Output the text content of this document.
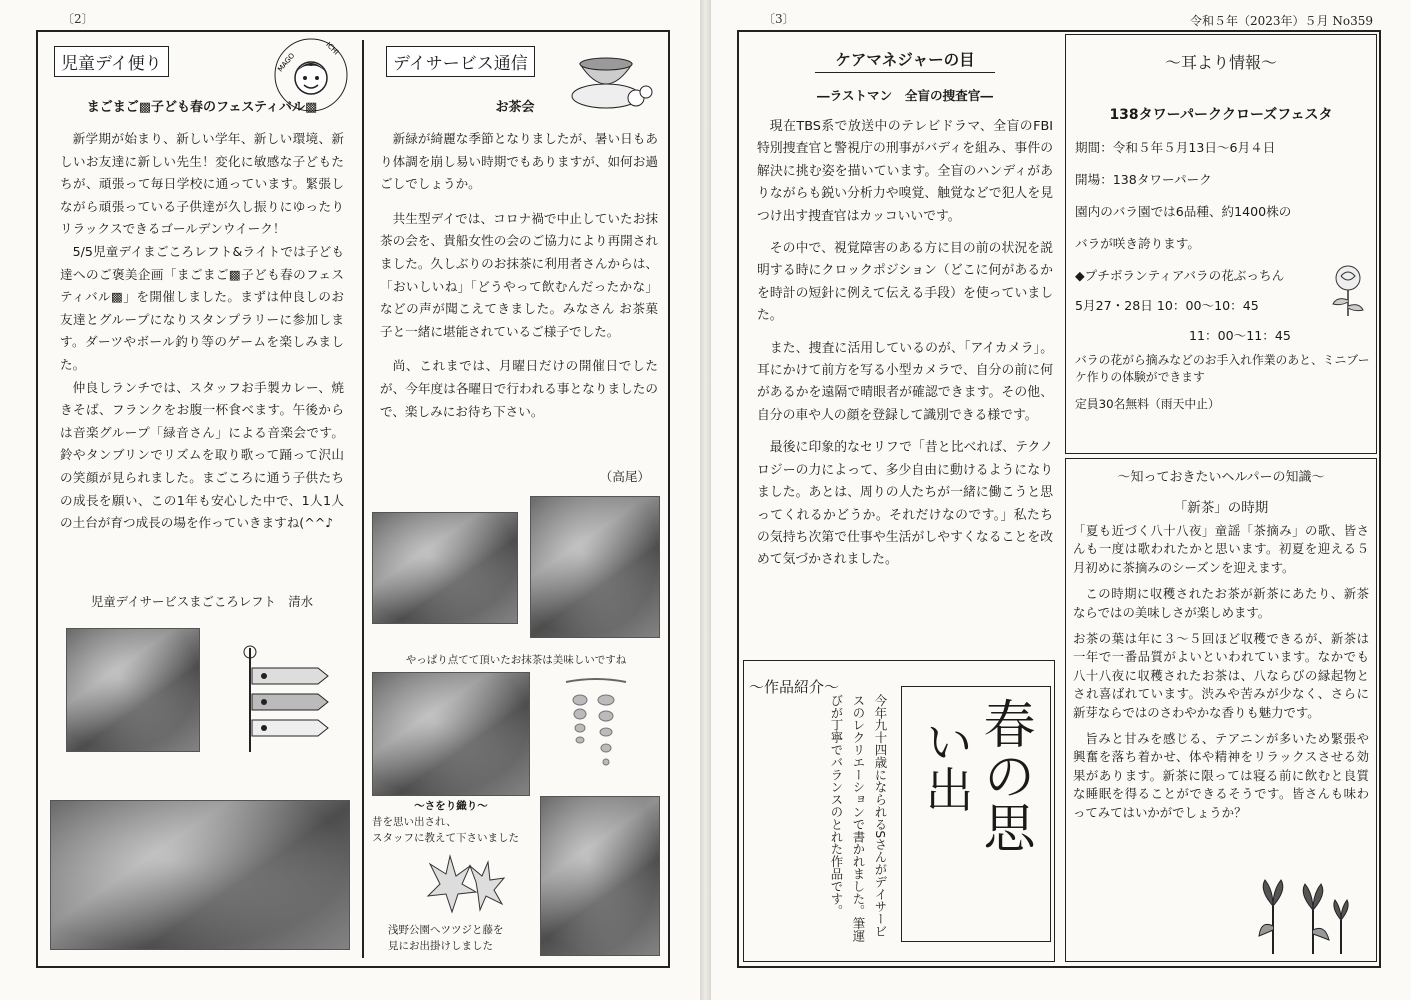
〔2〕
児童デイ便り	MAGO
ICHI
まごまご▩子ども春のフェスティバル▩

新学期が始まり、新しい学年、新しい環境、新しいお友達に新しい先生！変化に敏感な子どもたちが、頑張って毎日学校に通っています。緊張しながら頑張っている子供達が久し振りにゆったりリラックスできるゴールデンウイーク！

5/5児童デイまごころレフト&ライトでは子ども達へのご褒美企画「まごまご▩子ども春のフェスティバル▩」を開催しました。まずは仲良しのお友達とグループになりスタンプラリーに参加します。ダーツやボール釣り等のゲームを楽しみました。

仲良しランチでは、スタッフお手製カレー、焼きそば、フランクをお腹一杯食べます。午後からは音楽グループ「緑音さん」による音楽会です。鈴やタンブリンでリズムを取り歌って踊って沢山の笑顔が見られました。まごころに通う子供たちの成長を願い、この1年も安心した中で、1人1人の土台が育つ成長の場を作っていきますね(^^♪

児童デイサービスまごころレフト　清水
デイサービス通信
お茶会

新緑が綺麗な季節となりましたが、暑い日もあり体調を崩し易い時期でもありますが、如何お過ごしでしょうか。

共生型デイでは、コロナ禍で中止していたお抹茶の会を、貴船女性の会のご協力により再開されました。久しぶりのお抹茶に利用者さんからは、「おいしいね」「どうやって飲むんだったかな」などの声が聞こえてきました。みなさん お茶菓子と一緒に堪能されているご様子でした。

尚、これまでは、月曜日だけの開催日でしたが、今年度は各曜日で行われる事となりましたので、楽しみにお待ち下さい。

（高尾）
やっぱり点てて頂いたお抹茶は美味しいですね
～さをり織り～
昔を思い出され、
スタッフに教えて下さいました
浅野公園へツツジと藤を
見にお出掛けしました
〔3〕	令和５年（2023年）５月 No359
ケアマネジャーの目
―ラストマン　全盲の捜査官―

現在TBS系で放送中のテレビドラマ、全盲のFBI特別捜査官と警視庁の刑事がバディを組み、事件の解決に挑む姿を描いています。全盲のハンディがありながらも鋭い分析力や嗅覚、触覚などで犯人を見つけ出す捜査官はカッコいいです。

その中で、視覚障害のある方に目の前の状況を説明する時にクロックポジション（どこに何があるかを時計の短針に例えて伝える手段）を使っていました。

また、捜査に活用しているのが、「アイカメラ」。耳にかけて前方を写る小型カメラで、自分の前に何があるかを遠隔で晴眼者が確認できます。その他、自分の車や人の顔を登録して識別できる様です。

最後に印象的なセリフで「昔と比べれば、テクノロジーの力によって、多少自由に動けるようになりました。あとは、周りの人たちが一緒に働こうと思ってくれるかどうか。それだけなのです。」私たちの気持ち次第で仕事や生活がしやすくなることを改めて気づかされました。

～耳より情報～
138タワーパーククローズフェスタ
期間：令和５年５月13日～6月４日
開場：138タワーパーク
園内のバラ園では6品種、約1400株の
バラが咲き誇ります。
◆プチボランティアバラの花ぶっちん
5月27・28日 10：00～10：45
11：00～11：45
バラの花がら摘みなどのお手入れ作業のあと、ミニブーケ作りの体験ができます
定員30名無料（雨天中止）
～作品紹介～
今年九十四歳になられるSさんがデイサービスのレクリエーションで書かれました。筆運びが丁寧でバランスのとれた作品です。	春の思
い出
～知っておきたいヘルパーの知識～
「新茶」の時期

「夏も近づく八十八夜」童謡「茶摘み」の歌、皆さんも一度は歌われたかと思います。初夏を迎える５月初めに茶摘みのシーズンを迎えます。

この時期に収穫されたお茶が新茶にあたり、新茶ならではの美味しさが楽しめます。

お茶の葉は年に３～５回ほど収穫できるが、新茶は一年で一番品質がよいといわれています。なかでも八十八夜に収穫されたお茶は、八ならびの縁起物とされ喜ばれています。渋みや苦みが少なく、さらに新芽ならではのさわやかな香りも魅力です。

旨みと甘みを感じる、テアニンが多いため緊張や興奮を落ち着かせ、体や精神をリラックスさせる効果があります。新茶に限っては寝る前に飲むと良質な睡眠を得ることができるそうです。皆さんも味わってみてはいかがでしょうか？
